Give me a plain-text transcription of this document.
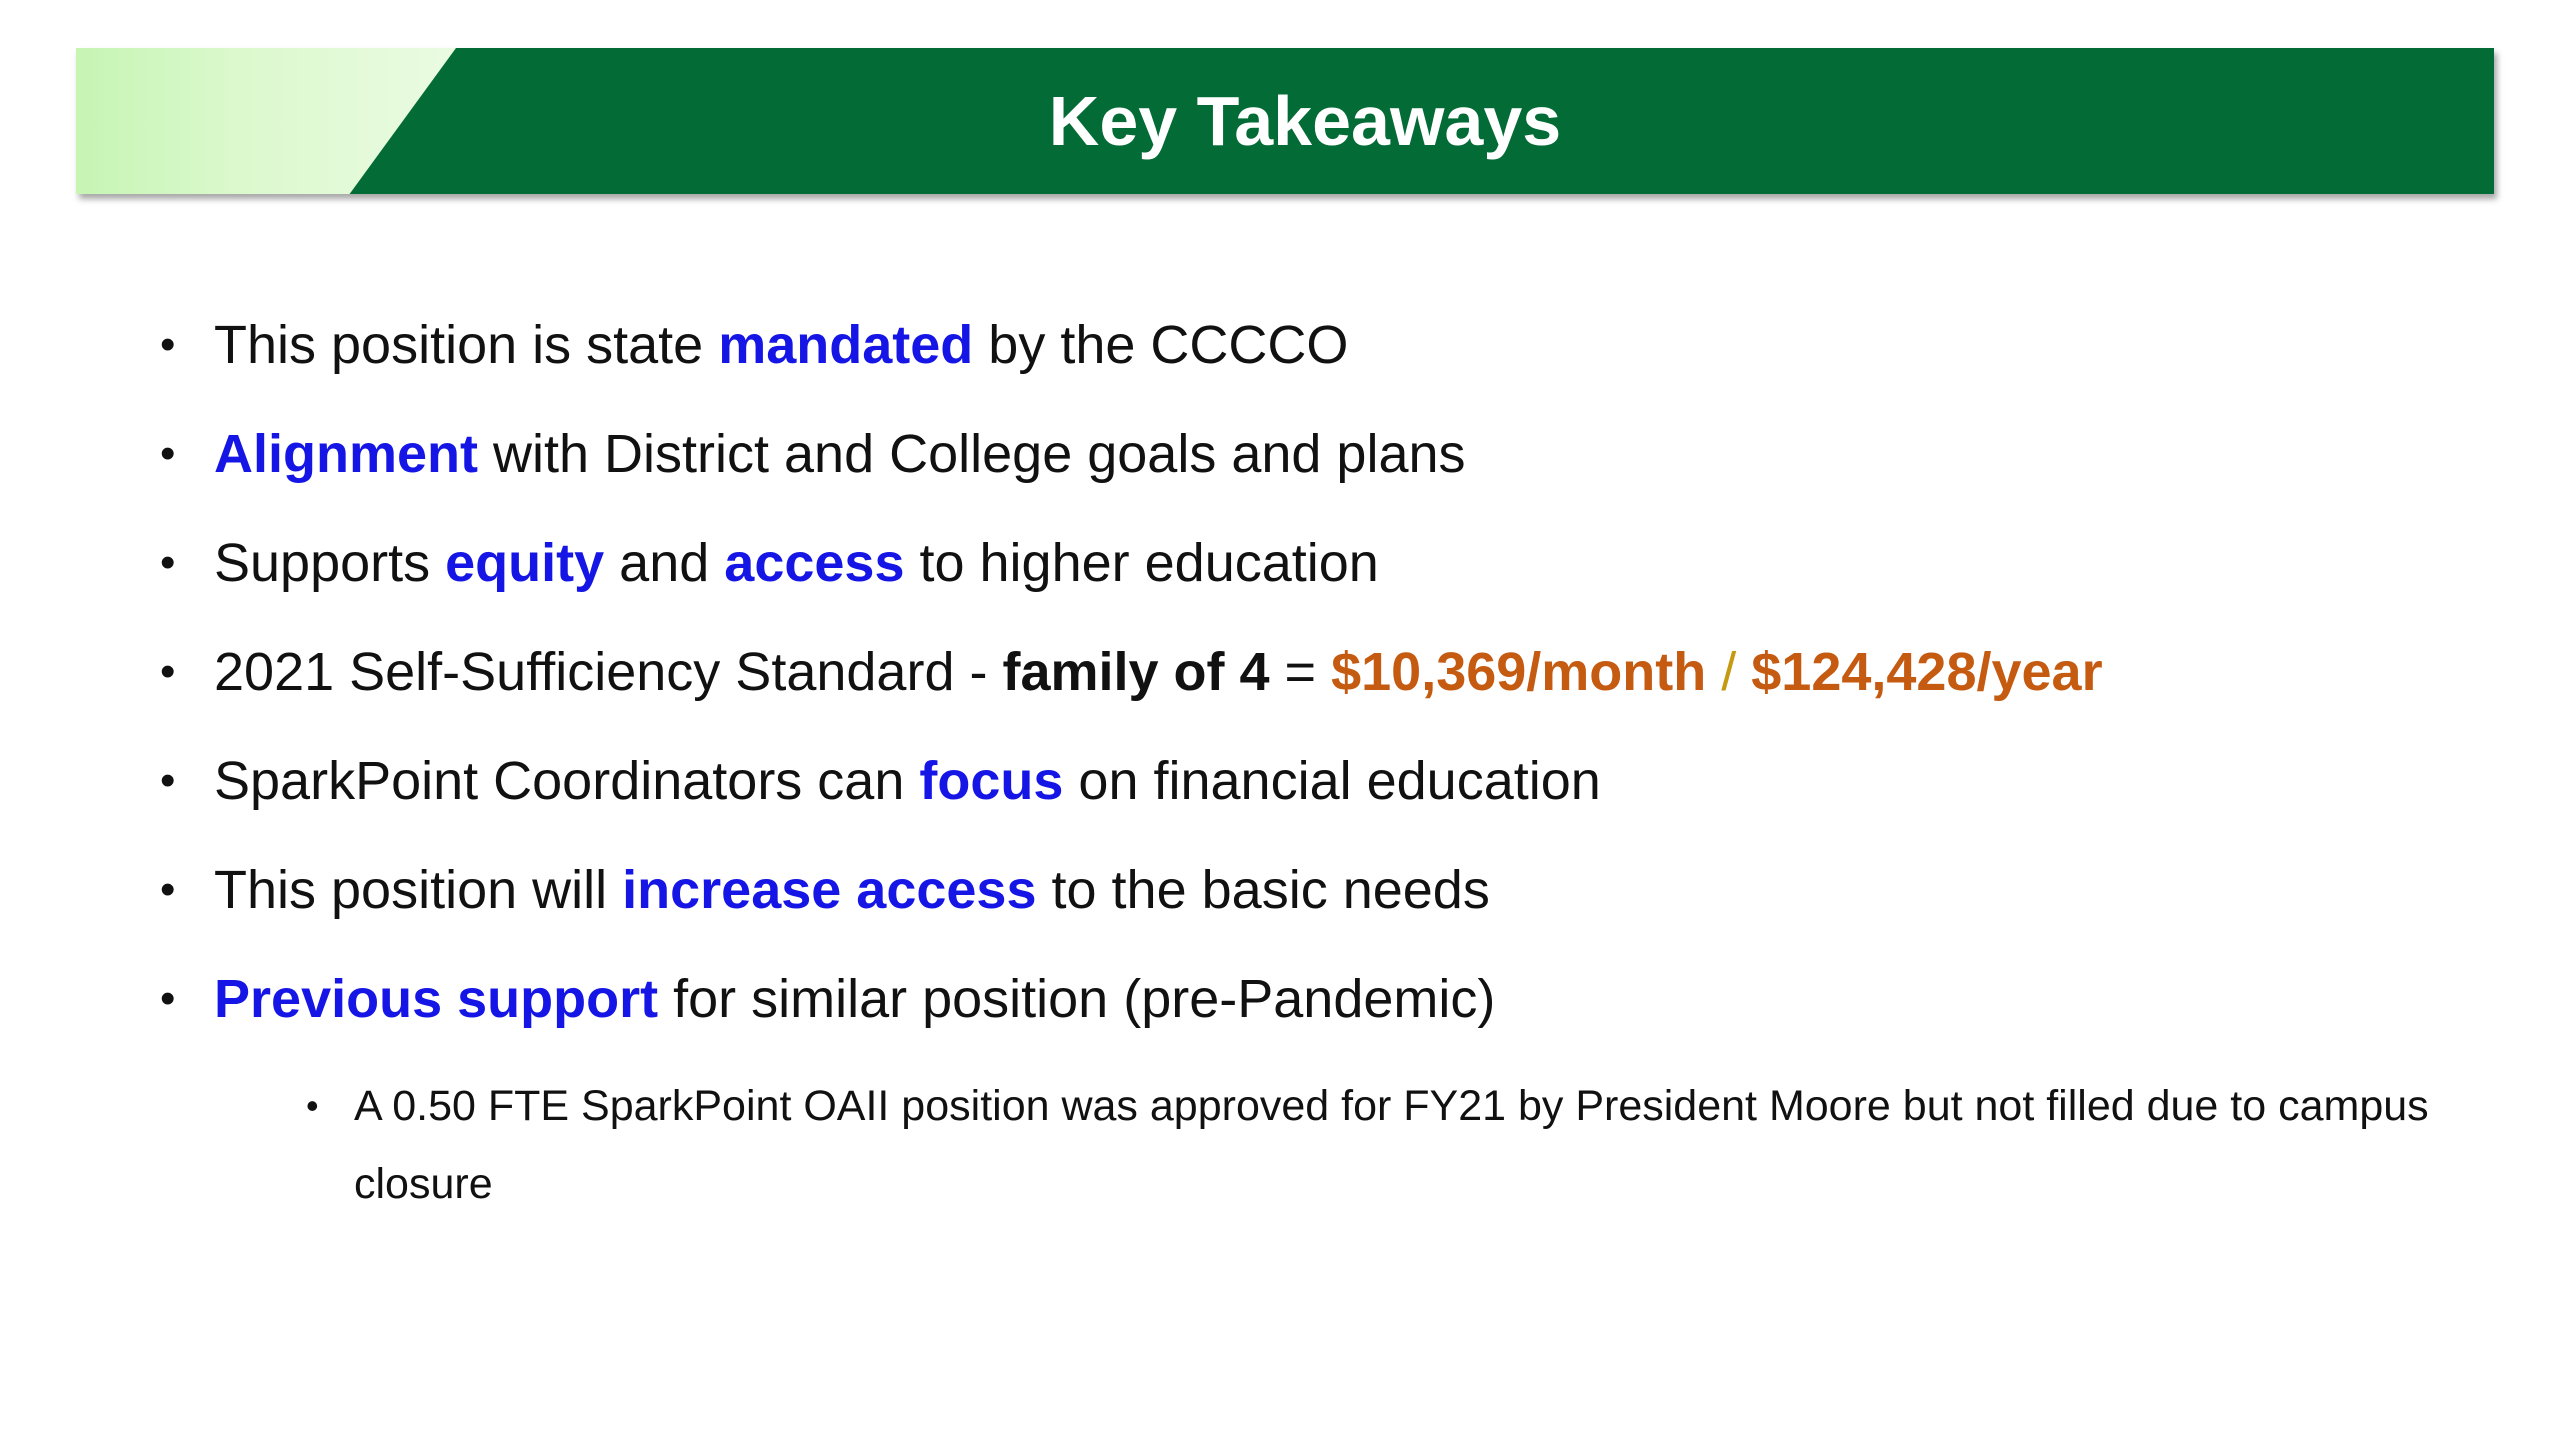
Key Takeaways
• This position is state mandated by the CCCCO
• Alignment with District and College goals and plans
• Supports equity and access to higher education
• 2021 Self-Sufficiency Standard - family of 4 = $10,369/month / $124,428/year
• SparkPoint Coordinators can focus on financial education
• This position will increase access to the basic needs
• Previous support for similar position (pre-Pandemic)
• A 0.50 FTE SparkPoint OAII position was approved for FY21 by President Moore but not filled due to campus closure
